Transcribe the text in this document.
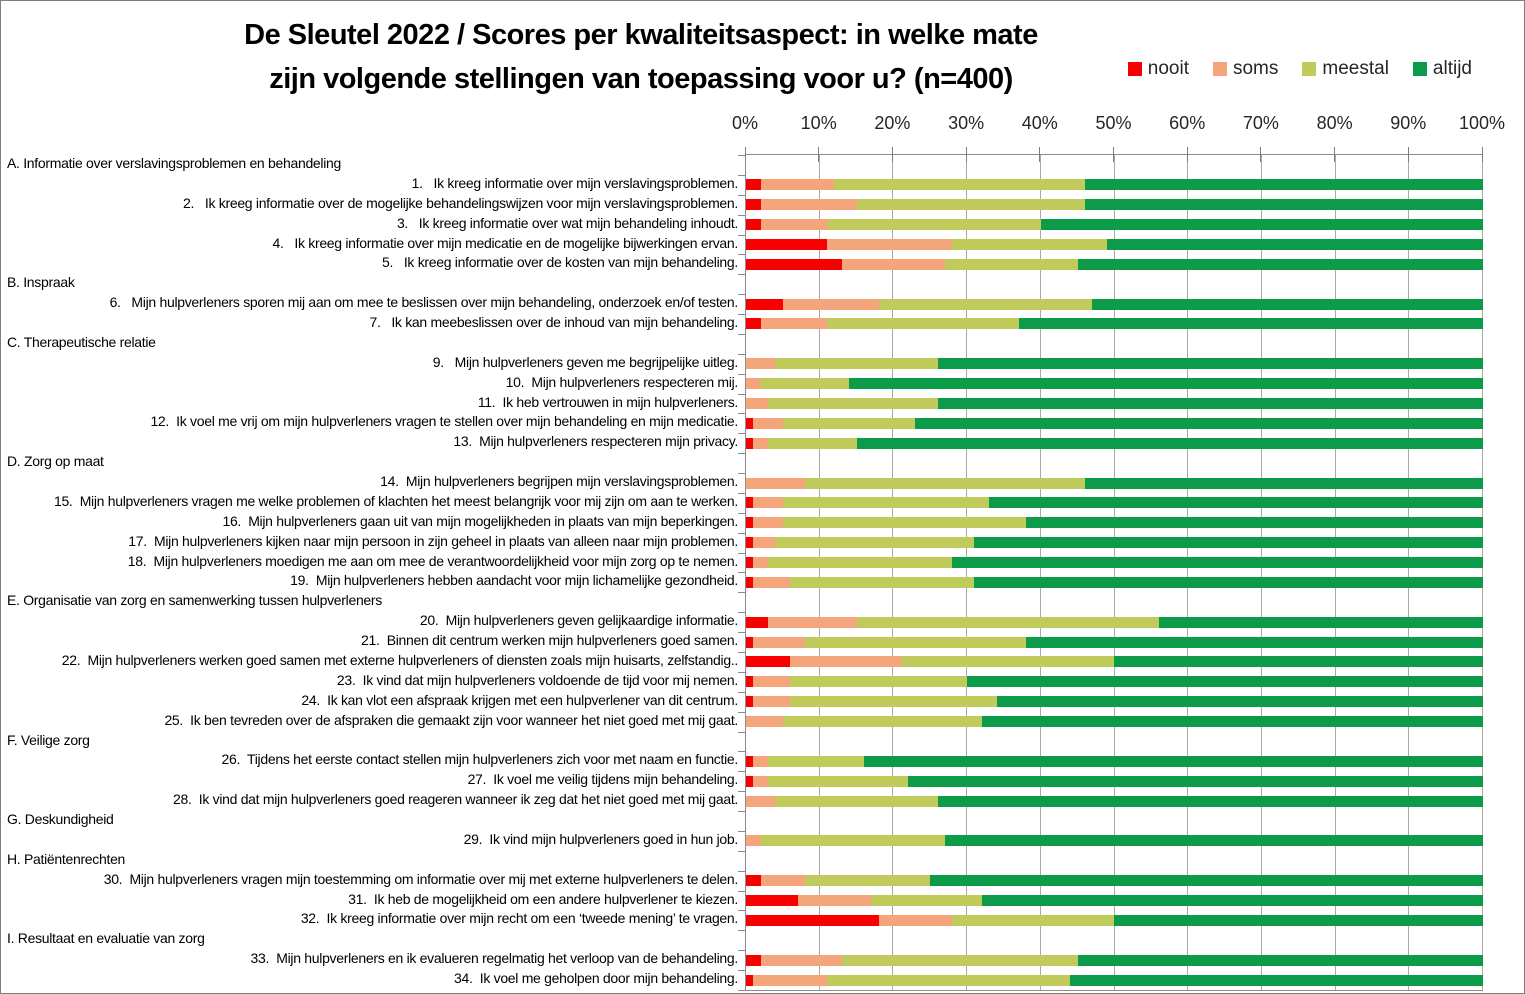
De Sleutel 2022 / Scores per kwaliteitsaspect: in welke mate
zijn volgende stellingen van toepassing voor u? (n=400)	nooit soms meestal altijd
0%	10%	20%	30%	40%	50%	60%	70%	80%	90%	100%
A. Informatie over verslavingsproblemen en behandeling
1.   Ik kreeg informatie over mijn verslavingsproblemen.
2.   Ik kreeg informatie over de mogelijke behandelingswijzen voor mijn verslavingsproblemen.
3.   Ik kreeg informatie over wat mijn behandeling inhoudt.
4.   Ik kreeg informatie over mijn medicatie en de mogelijke bijwerkingen ervan.
5.   Ik kreeg informatie over de kosten van mijn behandeling.
B. Inspraak
6.   Mijn hulpverleners sporen mij aan om mee te beslissen over mijn behandeling, onderzoek en/of testen.
7.   Ik kan meebeslissen over de inhoud van mijn behandeling.
C. Therapeutische relatie
9.   Mijn hulpverleners geven me begrijpelijke uitleg.
10.  Mijn hulpverleners respecteren mij.
11.  Ik heb vertrouwen in mijn hulpverleners.
12.  Ik voel me vrij om mijn hulpverleners vragen te stellen over mijn behandeling en mijn medicatie.
13.  Mijn hulpverleners respecteren mijn privacy.
D. Zorg op maat
14.  Mijn hulpverleners begrijpen mijn verslavingsproblemen.
15.  Mijn hulpverleners vragen me welke problemen of klachten het meest belangrijk voor mij zijn om aan te werken.
16.  Mijn hulpverleners gaan uit van mijn mogelijkheden in plaats van mijn beperkingen.
17.  Mijn hulpverleners kijken naar mijn persoon in zijn geheel in plaats van alleen naar mijn problemen.
18.  Mijn hulpverleners moedigen me aan om mee de verantwoordelijkheid voor mijn zorg op te nemen.
19.  Mijn hulpverleners hebben aandacht voor mijn lichamelijke gezondheid.
E. Organisatie van zorg en samenwerking tussen hulpverleners
20.  Mijn hulpverleners geven gelijkaardige informatie.
21.  Binnen dit centrum werken mijn hulpverleners goed samen.
22.  Mijn hulpverleners werken goed samen met externe hulpverleners of diensten zoals mijn huisarts, zelfstandig..
23.  Ik vind dat mijn hulpverleners voldoende de tijd voor mij nemen.
24.  Ik kan vlot een afspraak krijgen met een hulpverlener van dit centrum.
25.  Ik ben tevreden over de afspraken die gemaakt zijn voor wanneer het niet goed met mij gaat.
F. Veilige zorg
26.  Tijdens het eerste contact stellen mijn hulpverleners zich voor met naam en functie.
27.  Ik voel me veilig tijdens mijn behandeling.
28.  Ik vind dat mijn hulpverleners goed reageren wanneer ik zeg dat het niet goed met mij gaat.
G. Deskundigheid
29.  Ik vind mijn hulpverleners goed in hun job.
H. Patiëntenrechten
30.  Mijn hulpverleners vragen mijn toestemming om informatie over mij met externe hulpverleners te delen.
31.  Ik heb de mogelijkheid om een andere hulpverlener te kiezen.
32.  Ik kreeg informatie over mijn recht om een ‘tweede mening’ te vragen.
I. Resultaat en evaluatie van zorg
33.  Mijn hulpverleners en ik evalueren regelmatig het verloop van de behandeling.
34.  Ik voel me geholpen door mijn behandeling.
